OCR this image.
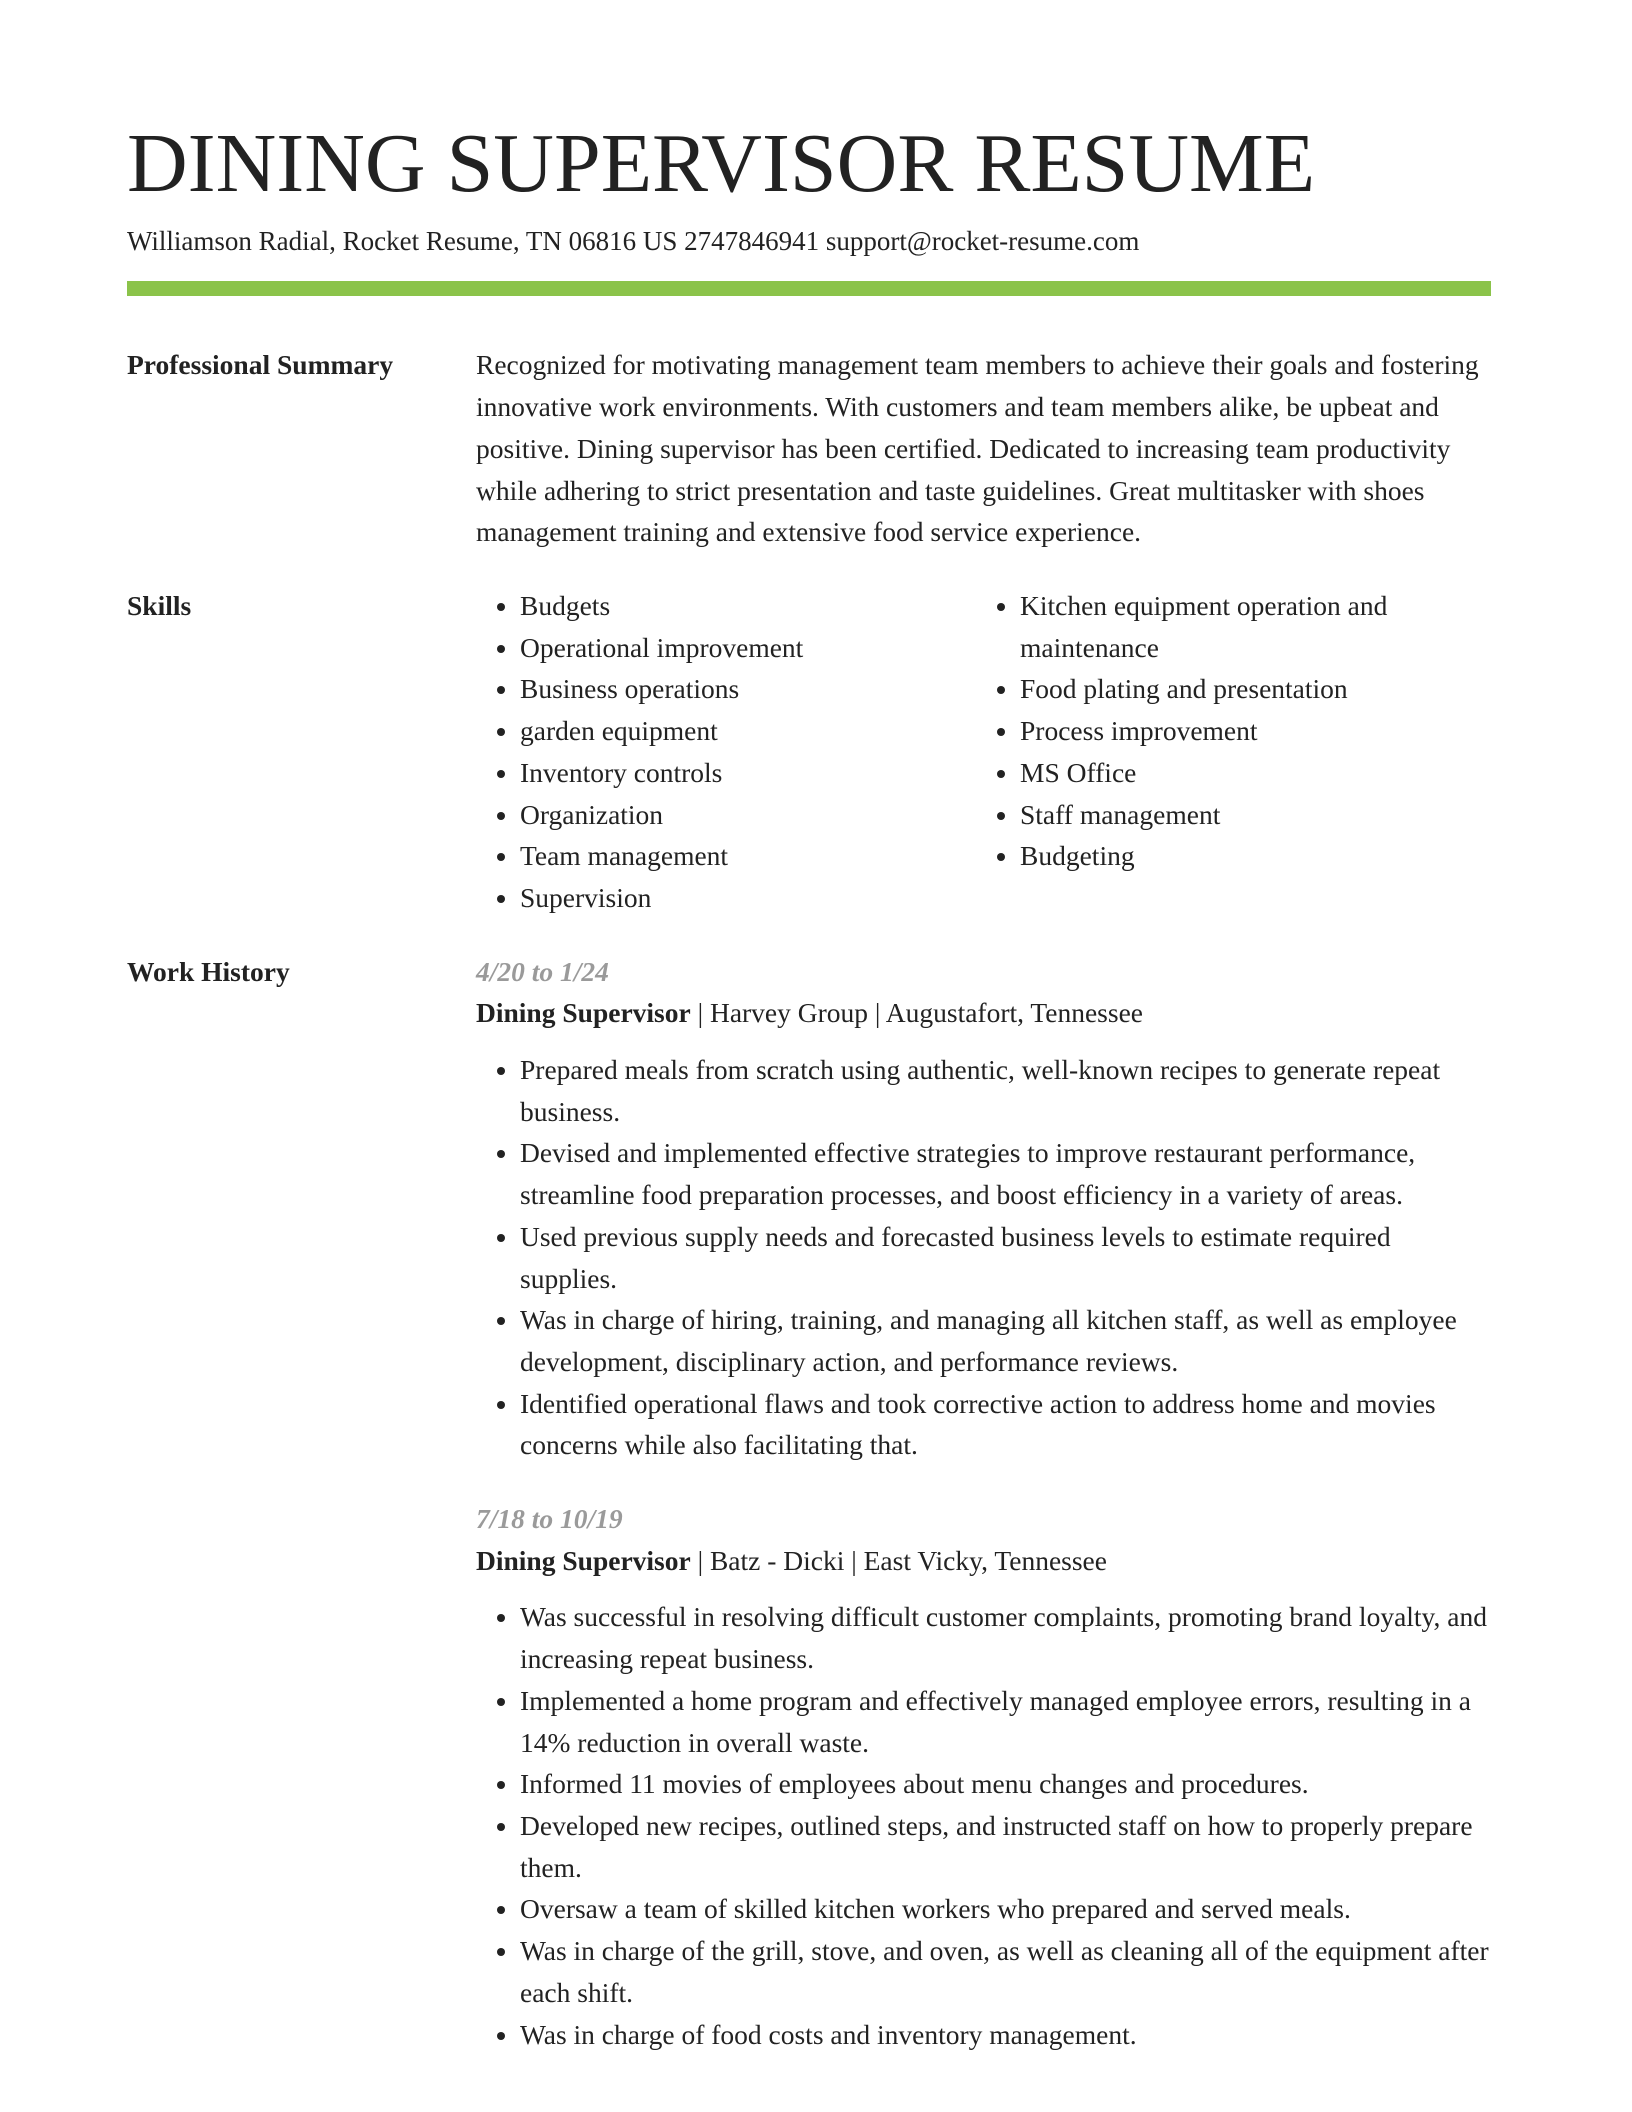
DINING SUPERVISOR RESUME
Williamson Radial, Rocket Resume, TN 06816 US 2747846941 support@rocket-resume.com
Professional Summary	Recognized for motivating management team members to achieve their goals and fostering innovative work environments. With customers and team members alike, be upbeat and positive. Dining supervisor has been certified. Dedicated to increasing team productivity while adhering to strict presentation and taste guidelines. Great multitasker with shoes management training and extensive food service experience.

Skills
•	Budgets
• Operational improvement
• Business operations
• garden equipment
• Inventory controls
• Organization
• Team management
• Supervision
• Kitchen equipment operation and maintenance
• Food plating and presentation
• Process improvement
• MS Office
• Staff management
• Budgeting
Work History	4/20 to 1/24
Dining Supervisor | Harvey Group | Augustafort, Tennessee
• Prepared meals from scratch using authentic, well-known recipes to generate repeat business.
• Devised and implemented effective strategies to improve restaurant performance, streamline food preparation processes, and boost efficiency in a variety of areas.
• Used previous supply needs and forecasted business levels to estimate required supplies.
• Was in charge of hiring, training, and managing all kitchen staff, as well as employee development, disciplinary action, and performance reviews.
• Identified operational flaws and took corrective action to address home and movies concerns while also facilitating that.
7/18 to 10/19
Dining Supervisor | Batz - Dicki | East Vicky, Tennessee
• Was successful in resolving difficult customer complaints, promoting brand loyalty, and increasing repeat business.
• Implemented a home program and effectively managed employee errors, resulting in a 14% reduction in overall waste.
• Informed 11 movies of employees about menu changes and procedures.
• Developed new recipes, outlined steps, and instructed staff on how to properly prepare them.
• Oversaw a team of skilled kitchen workers who prepared and served meals.
• Was in charge of the grill, stove, and oven, as well as cleaning all of the equipment after each shift.
• Was in charge of food costs and inventory management.
